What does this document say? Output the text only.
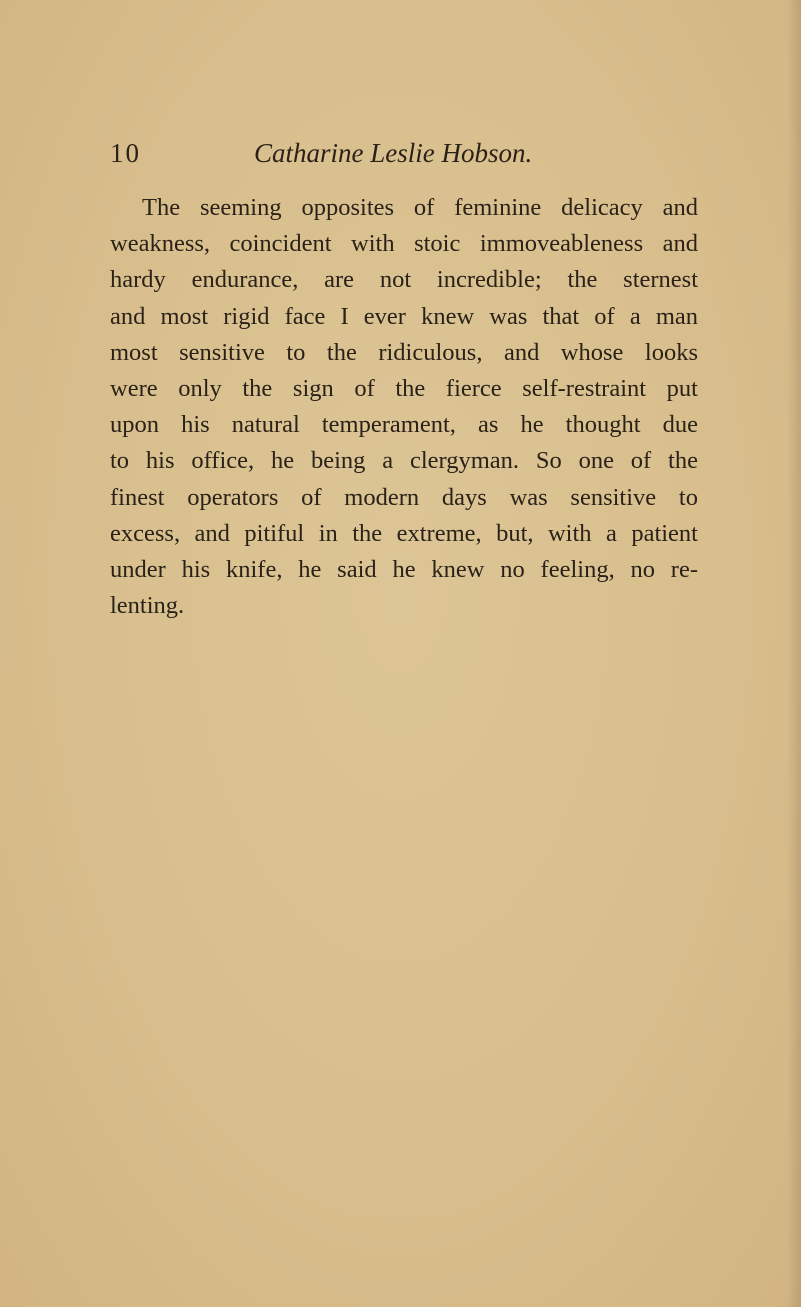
10	Catharine Leslie Hobson.
The seeming opposites of feminine delicacy and
weakness, coincident with stoic immoveableness and
hardy endurance, are not incredible; the sternest
and most rigid face I ever knew was that of a man
most sensitive to the ridiculous, and whose looks
were only the sign of the fierce self-restraint put
upon his natural temperament, as he thought due
to his office, he being a clergyman. So one of the
finest operators of modern days was sensitive to
excess, and pitiful in the extreme, but, with a patient
under his knife, he said he knew no feeling, no re-
lenting.
